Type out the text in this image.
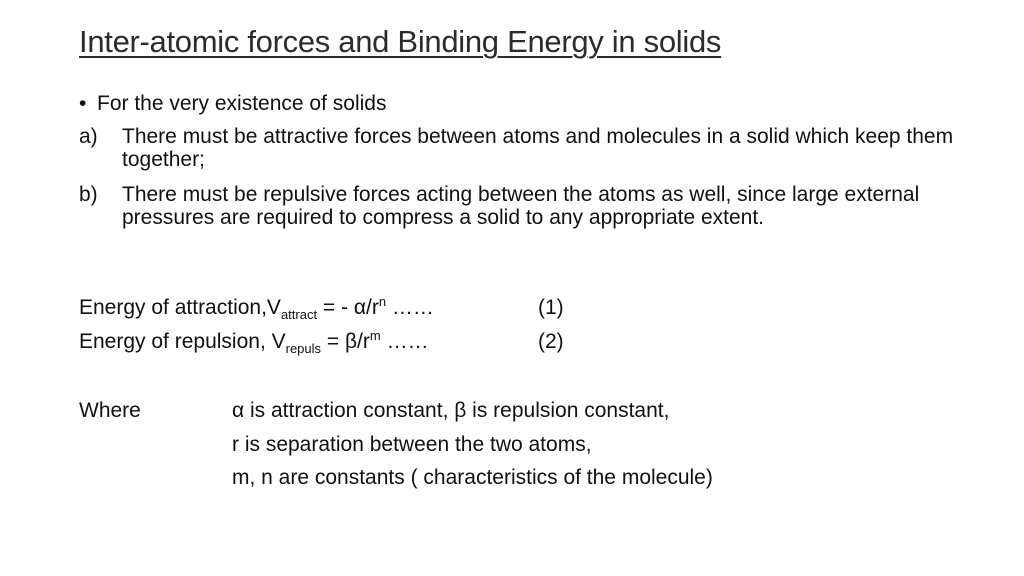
Inter-atomic forces and Binding Energy in solids
• For the very existence of solids
a)	There must be attractive forces between atoms and molecules in a solid which keep them together;
b)	There must be repulsive forces acting between the atoms as well, since large external pressures are required to compress a solid to any appropriate extent.
Energy of $attraction,V_{attract}$ = - $\alpha/r^n$ ……	(1)
Energy of repulsion, $V_{repuls} = \beta/r^m$ ……	(2)
Where	α is attraction constant, β is repulsion constant,
r is separation between the two atoms,
m, n are constants ( characteristics of the molecule)
